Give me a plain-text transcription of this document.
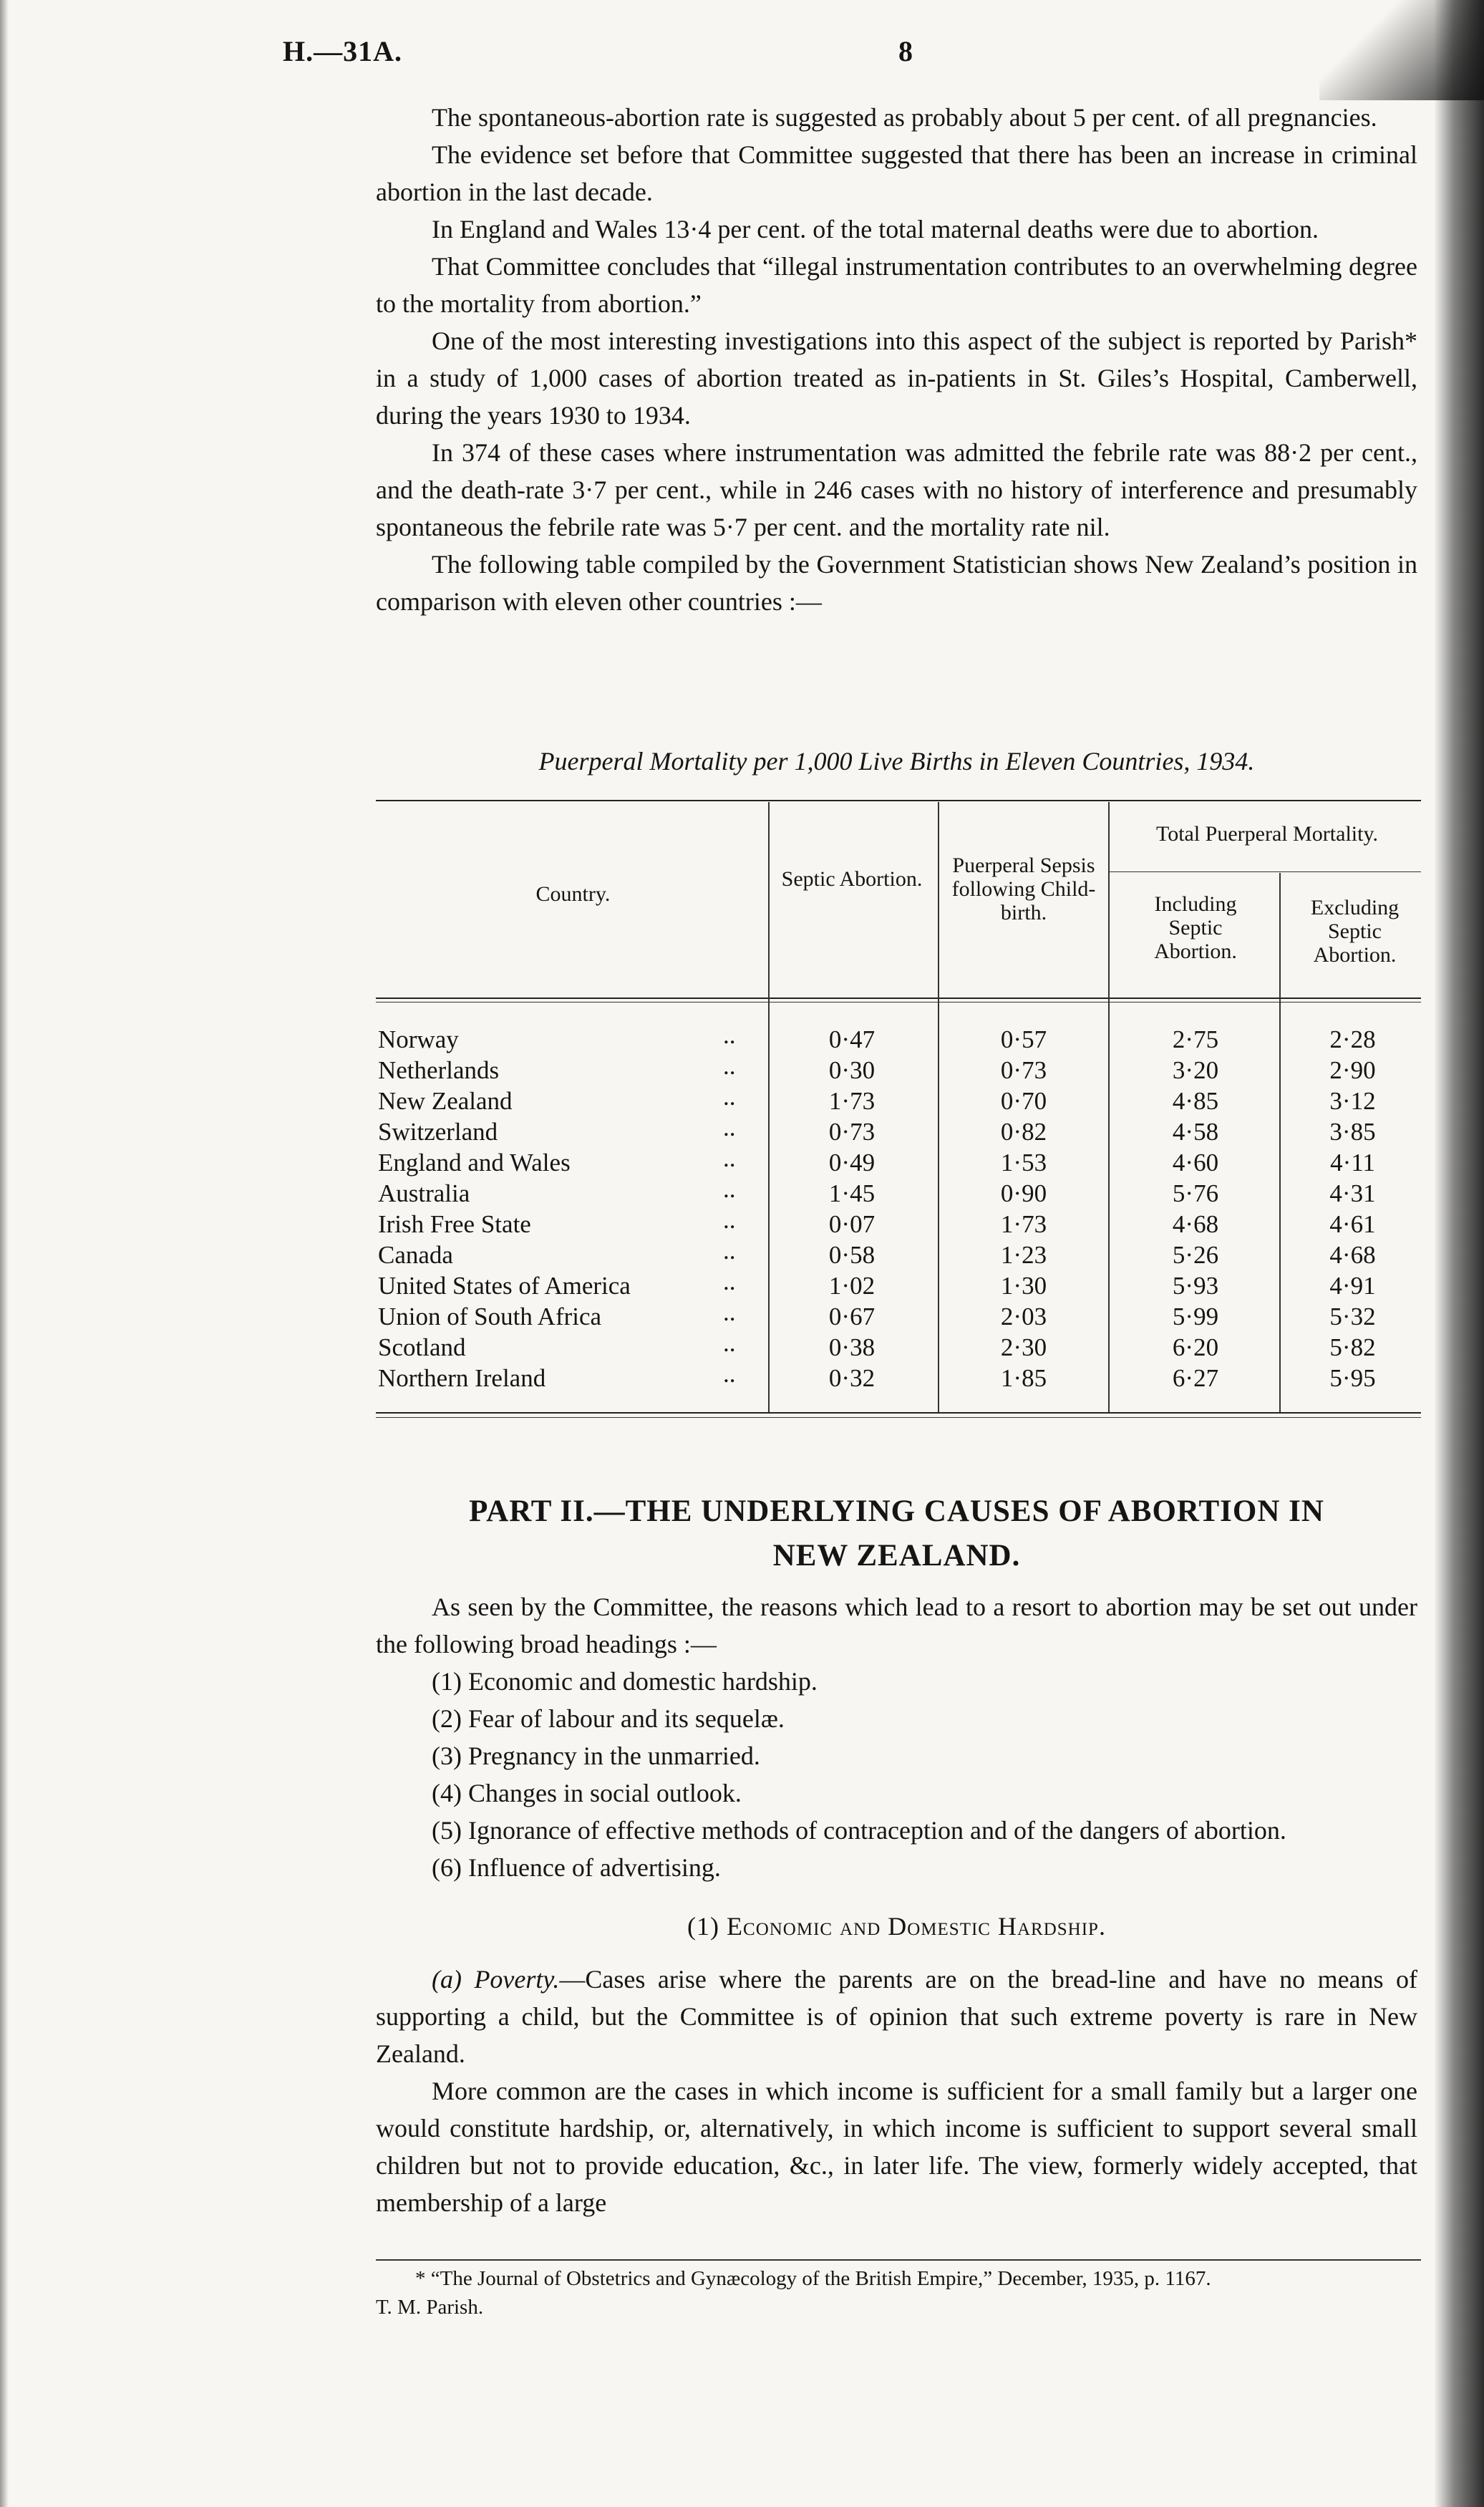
H.—31A.	8

The spontaneous-abortion rate is suggested as probably about 5 per cent. of all pregnancies.

The evidence set before that Committee suggested that there has been an increase in criminal abortion in the last decade.

In England and Wales 13·4 per cent. of the total maternal deaths were due to abortion.

That Committee concludes that “illegal instrumentation contributes to an overwhelming degree to the mortality from abortion.”

One of the most interesting investigations into this aspect of the subject is reported by Parish* in a study of 1,000 cases of abortion treated as in-patients in St. Giles’s Hospital, Camberwell, during the years 1930 to 1934.

In 374 of these cases where instrumentation was admitted the febrile rate was 88·2 per cent., and the death-rate 3·7 per cent., while in 246 cases with no history of interference and presumably spontaneous the febrile rate was 5·7 per cent. and the mortality rate nil.

The following table compiled by the Government Statistician shows New Zealand’s position in comparison with eleven other countries :—

Puerperal Mortality per 1,000 Live Births in Eleven Countries, 1934.
Country.
Septic Abortion.
Puerperal Sepsis following Child-birth.
Total Puerperal Mortality.
Including Septic Abortion.
Excluding Septic Abortion.
Norway	..	0·47	0·57	2·75	2·28
Netherlands	..	0·30	0·73	3·20	2·90
New Zealand	..	1·73	0·70	4·85	3·12
Switzerland	..	0·73	0·82	4·58	3·85
England and Wales	..	0·49	1·53	4·60	4·11
Australia	..	1·45	0·90	5·76	4·31
Irish Free State	..	0·07	1·73	4·68	4·61
Canada	..	0·58	1·23	5·26	4·68
United States of America	..	1·02	1·30	5·93	4·91
Union of South Africa	..	0·67	2·03	5·99	5·32
Scotland	..	0·38	2·30	6·20	5·82
Northern Ireland	..	0·32	1·85	6·27	5·95
PART II.—THE UNDERLYING CAUSES OF ABORTION IN
NEW ZEALAND.

As seen by the Committee, the reasons which lead to a resort to abortion may be set out under the following broad headings :—

(1) Economic and domestic hardship.
(2) Fear of labour and its sequelæ.
(3) Pregnancy in the unmarried.
(4) Changes in social outlook.
(5) Ignorance of effective methods of contraception and of the dangers of abortion.
(6) Influence of advertising.
(1) Economic and Domestic Hardship.

(a) Poverty.—Cases arise where the parents are on the bread-line and have no means of supporting a child, but the Committee is of opinion that such extreme poverty is rare in New Zealand.

More common are the cases in which income is sufficient for a small family but a larger one would constitute hardship, or, alternatively, in which income is sufficient to support several small children but not to provide education, &c., in later life. The view, formerly widely accepted, that membership of a large

* “The Journal of Obstetrics and Gynæcology of the British Empire,” December, 1935, p. 1167.
T. M. Parish.
